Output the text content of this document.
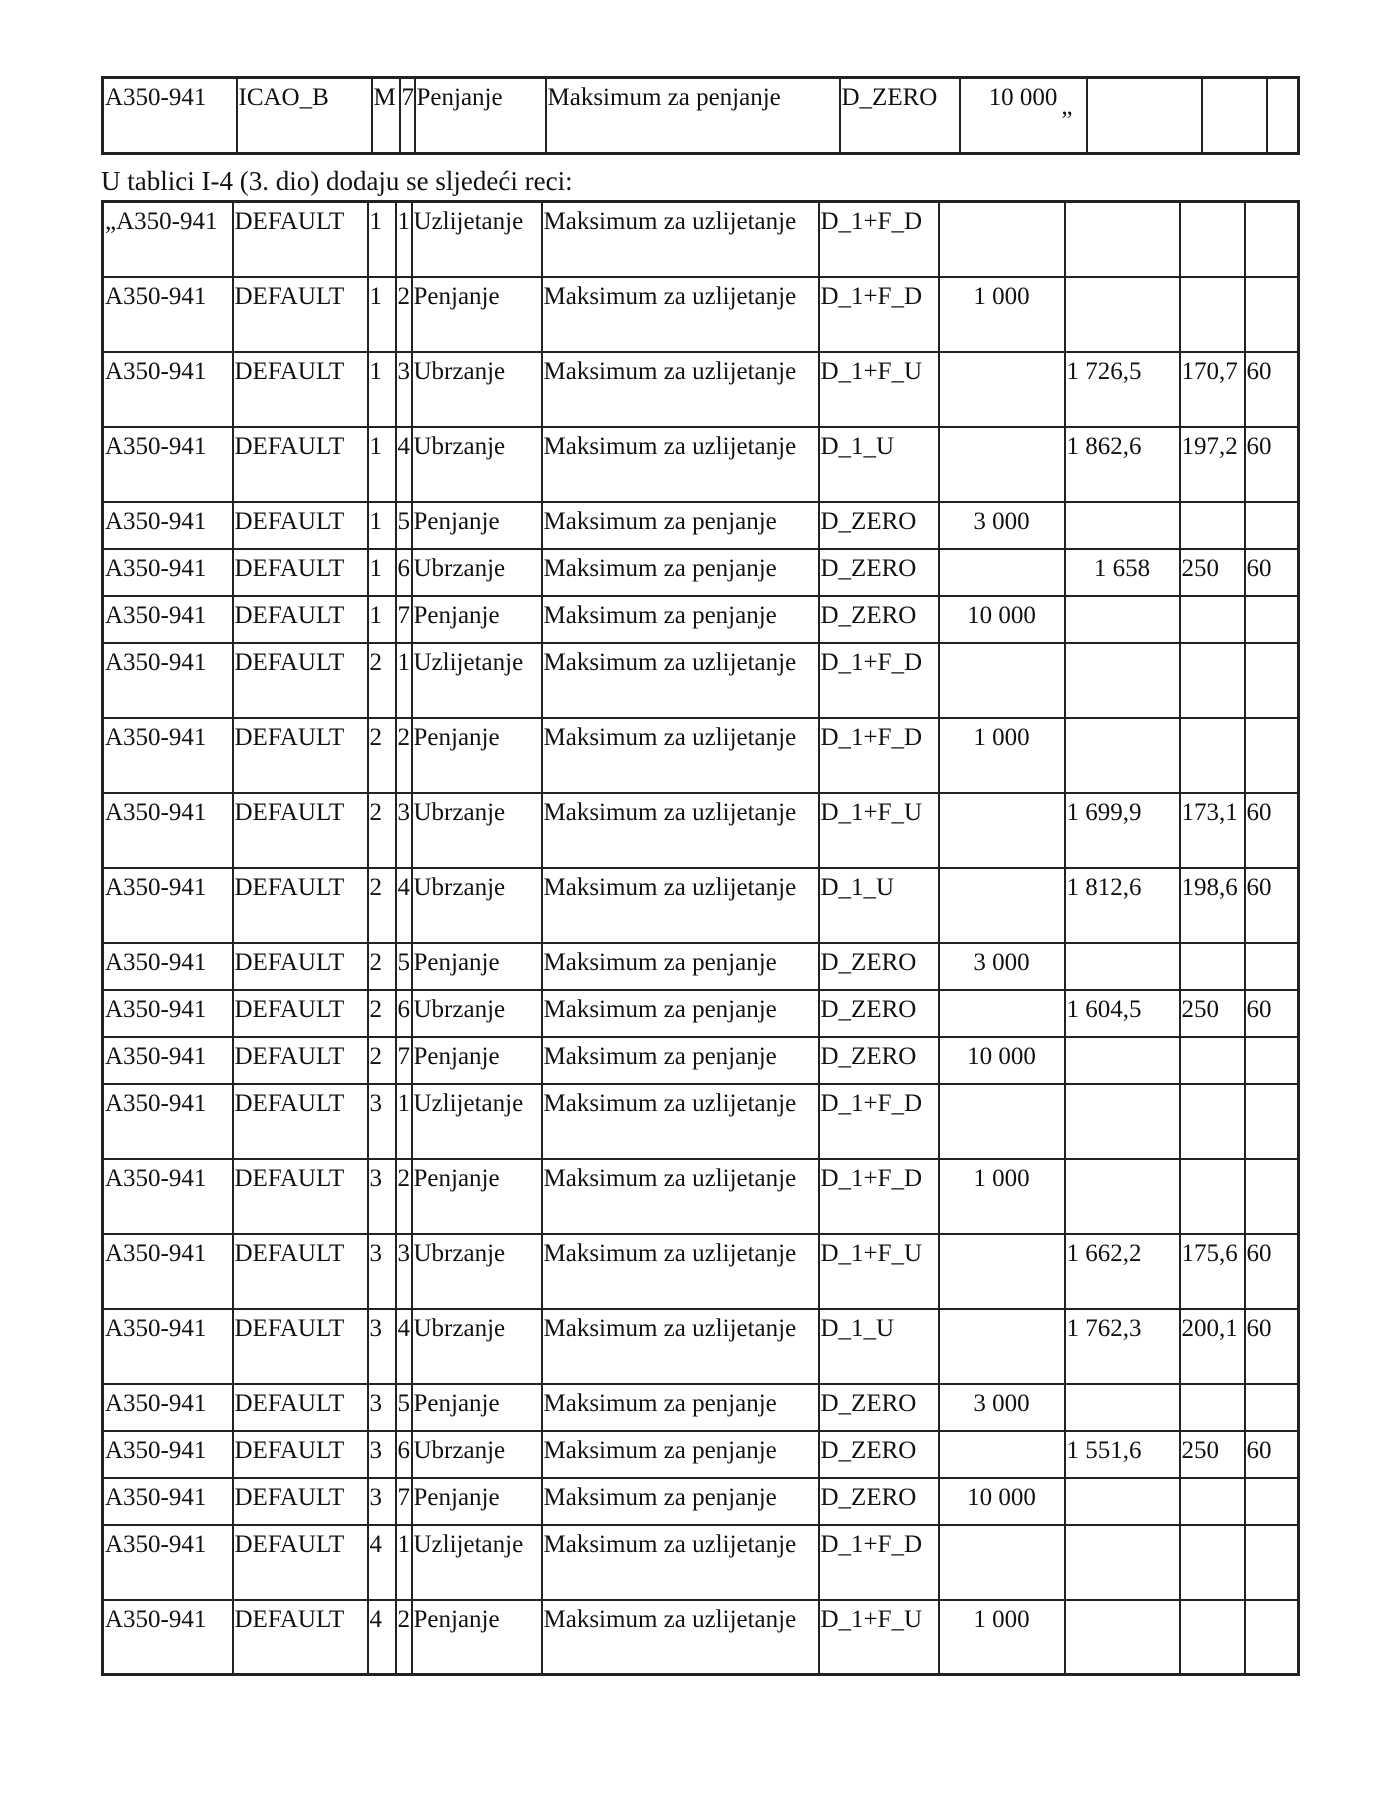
A350-941	ICAO_B	M	7	Penjanje	Maksimum za penjanje	D_ZERO	10 000
”

U tablici I-4 (3. dio) dodaju se sljedeći reci:
„A350-941	DEFAULT	1	1	Uzlijetanje	Maksimum za uzlijetanje	D_1+F_D				
A350-941	DEFAULT	1	2	Penjanje	Maksimum za uzlijetanje	D_1+F_D	1 000			
A350-941	DEFAULT	1	3	Ubrzanje	Maksimum za uzlijetanje	D_1+F_U		1 726,5	170,7	60
A350-941	DEFAULT	1	4	Ubrzanje	Maksimum za uzlijetanje	D_1_U		1 862,6	197,2	60
A350-941	DEFAULT	1	5	Penjanje	Maksimum za penjanje	D_ZERO	3 000			
A350-941	DEFAULT	1	6	Ubrzanje	Maksimum za penjanje	D_ZERO		1 658	250	60
A350-941	DEFAULT	1	7	Penjanje	Maksimum za penjanje	D_ZERO	10 000			
A350-941	DEFAULT	2	1	Uzlijetanje	Maksimum za uzlijetanje	D_1+F_D				
A350-941	DEFAULT	2	2	Penjanje	Maksimum za uzlijetanje	D_1+F_D	1 000			
A350-941	DEFAULT	2	3	Ubrzanje	Maksimum za uzlijetanje	D_1+F_U		1 699,9	173,1	60
A350-941	DEFAULT	2	4	Ubrzanje	Maksimum za uzlijetanje	D_1_U		1 812,6	198,6	60
A350-941	DEFAULT	2	5	Penjanje	Maksimum za penjanje	D_ZERO	3 000			
A350-941	DEFAULT	2	6	Ubrzanje	Maksimum za penjanje	D_ZERO		1 604,5	250	60
A350-941	DEFAULT	2	7	Penjanje	Maksimum za penjanje	D_ZERO	10 000			
A350-941	DEFAULT	3	1	Uzlijetanje	Maksimum za uzlijetanje	D_1+F_D				
A350-941	DEFAULT	3	2	Penjanje	Maksimum za uzlijetanje	D_1+F_D	1 000			
A350-941	DEFAULT	3	3	Ubrzanje	Maksimum za uzlijetanje	D_1+F_U		1 662,2	175,6	60
A350-941	DEFAULT	3	4	Ubrzanje	Maksimum za uzlijetanje	D_1_U		1 762,3	200,1	60
A350-941	DEFAULT	3	5	Penjanje	Maksimum za penjanje	D_ZERO	3 000			
A350-941	DEFAULT	3	6	Ubrzanje	Maksimum za penjanje	D_ZERO		1 551,6	250	60
A350-941	DEFAULT	3	7	Penjanje	Maksimum za penjanje	D_ZERO	10 000			
A350-941	DEFAULT	4	1	Uzlijetanje	Maksimum za uzlijetanje	D_1+F_D				
A350-941	DEFAULT	4	2	Penjanje	Maksimum za uzlijetanje	D_1+F_U	1 000			
